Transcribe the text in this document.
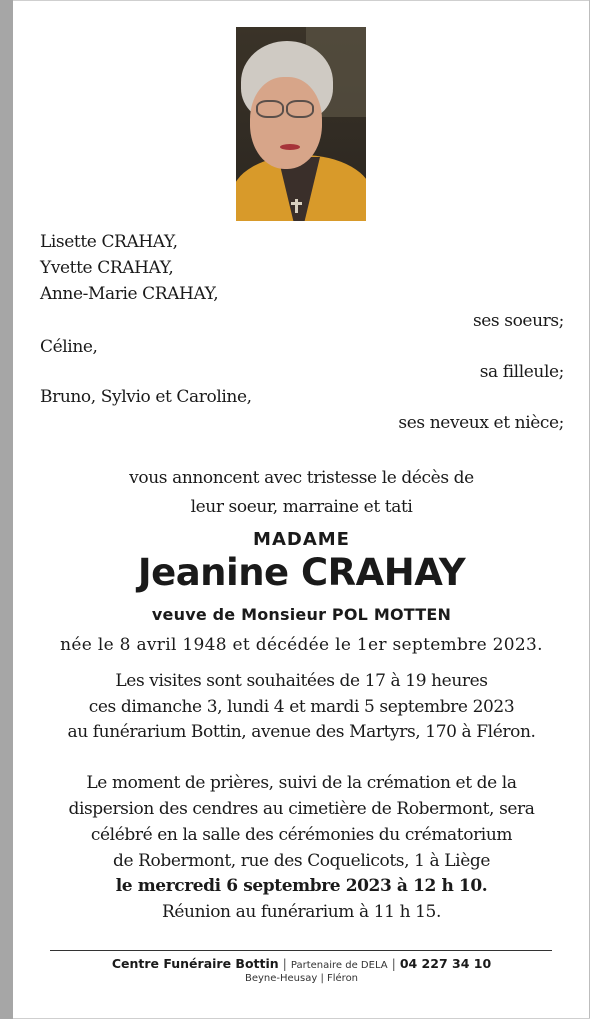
Lisette CRAHAY,
Yvette CRAHAY,
Anne-Marie CRAHAY,
ses soeurs;
Céline,
sa filleule;
Bruno, Sylvio et Caroline,
ses neveux et nièce;
vous annoncent avec tristesse le décès de
leur soeur, marraine et tati
MADAME
Jeanine CRAHAY
veuve de Monsieur POL MOTTEN
née le 8 avril 1948 et décédée le 1er septembre 2023.
Les visites sont souhaitées de 17 à 19 heures
ces dimanche 3, lundi 4 et mardi 5 septembre 2023
au funérarium Bottin, avenue des Martyrs, 170 à Fléron.
Le moment de prières, suivi de la crémation et de la
dispersion des cendres au cimetière de Robermont, sera
célébré en la salle des cérémonies du crématorium
de Robermont, rue des Coquelicots, 1 à Liège
le mercredi 6 septembre 2023 à 12 h 10.
Réunion au funérarium à 11 h 15.
Centre Funéraire Bottin | Partenaire de DELA | 04 227 34 10
Beyne-Heusay | Fléron
